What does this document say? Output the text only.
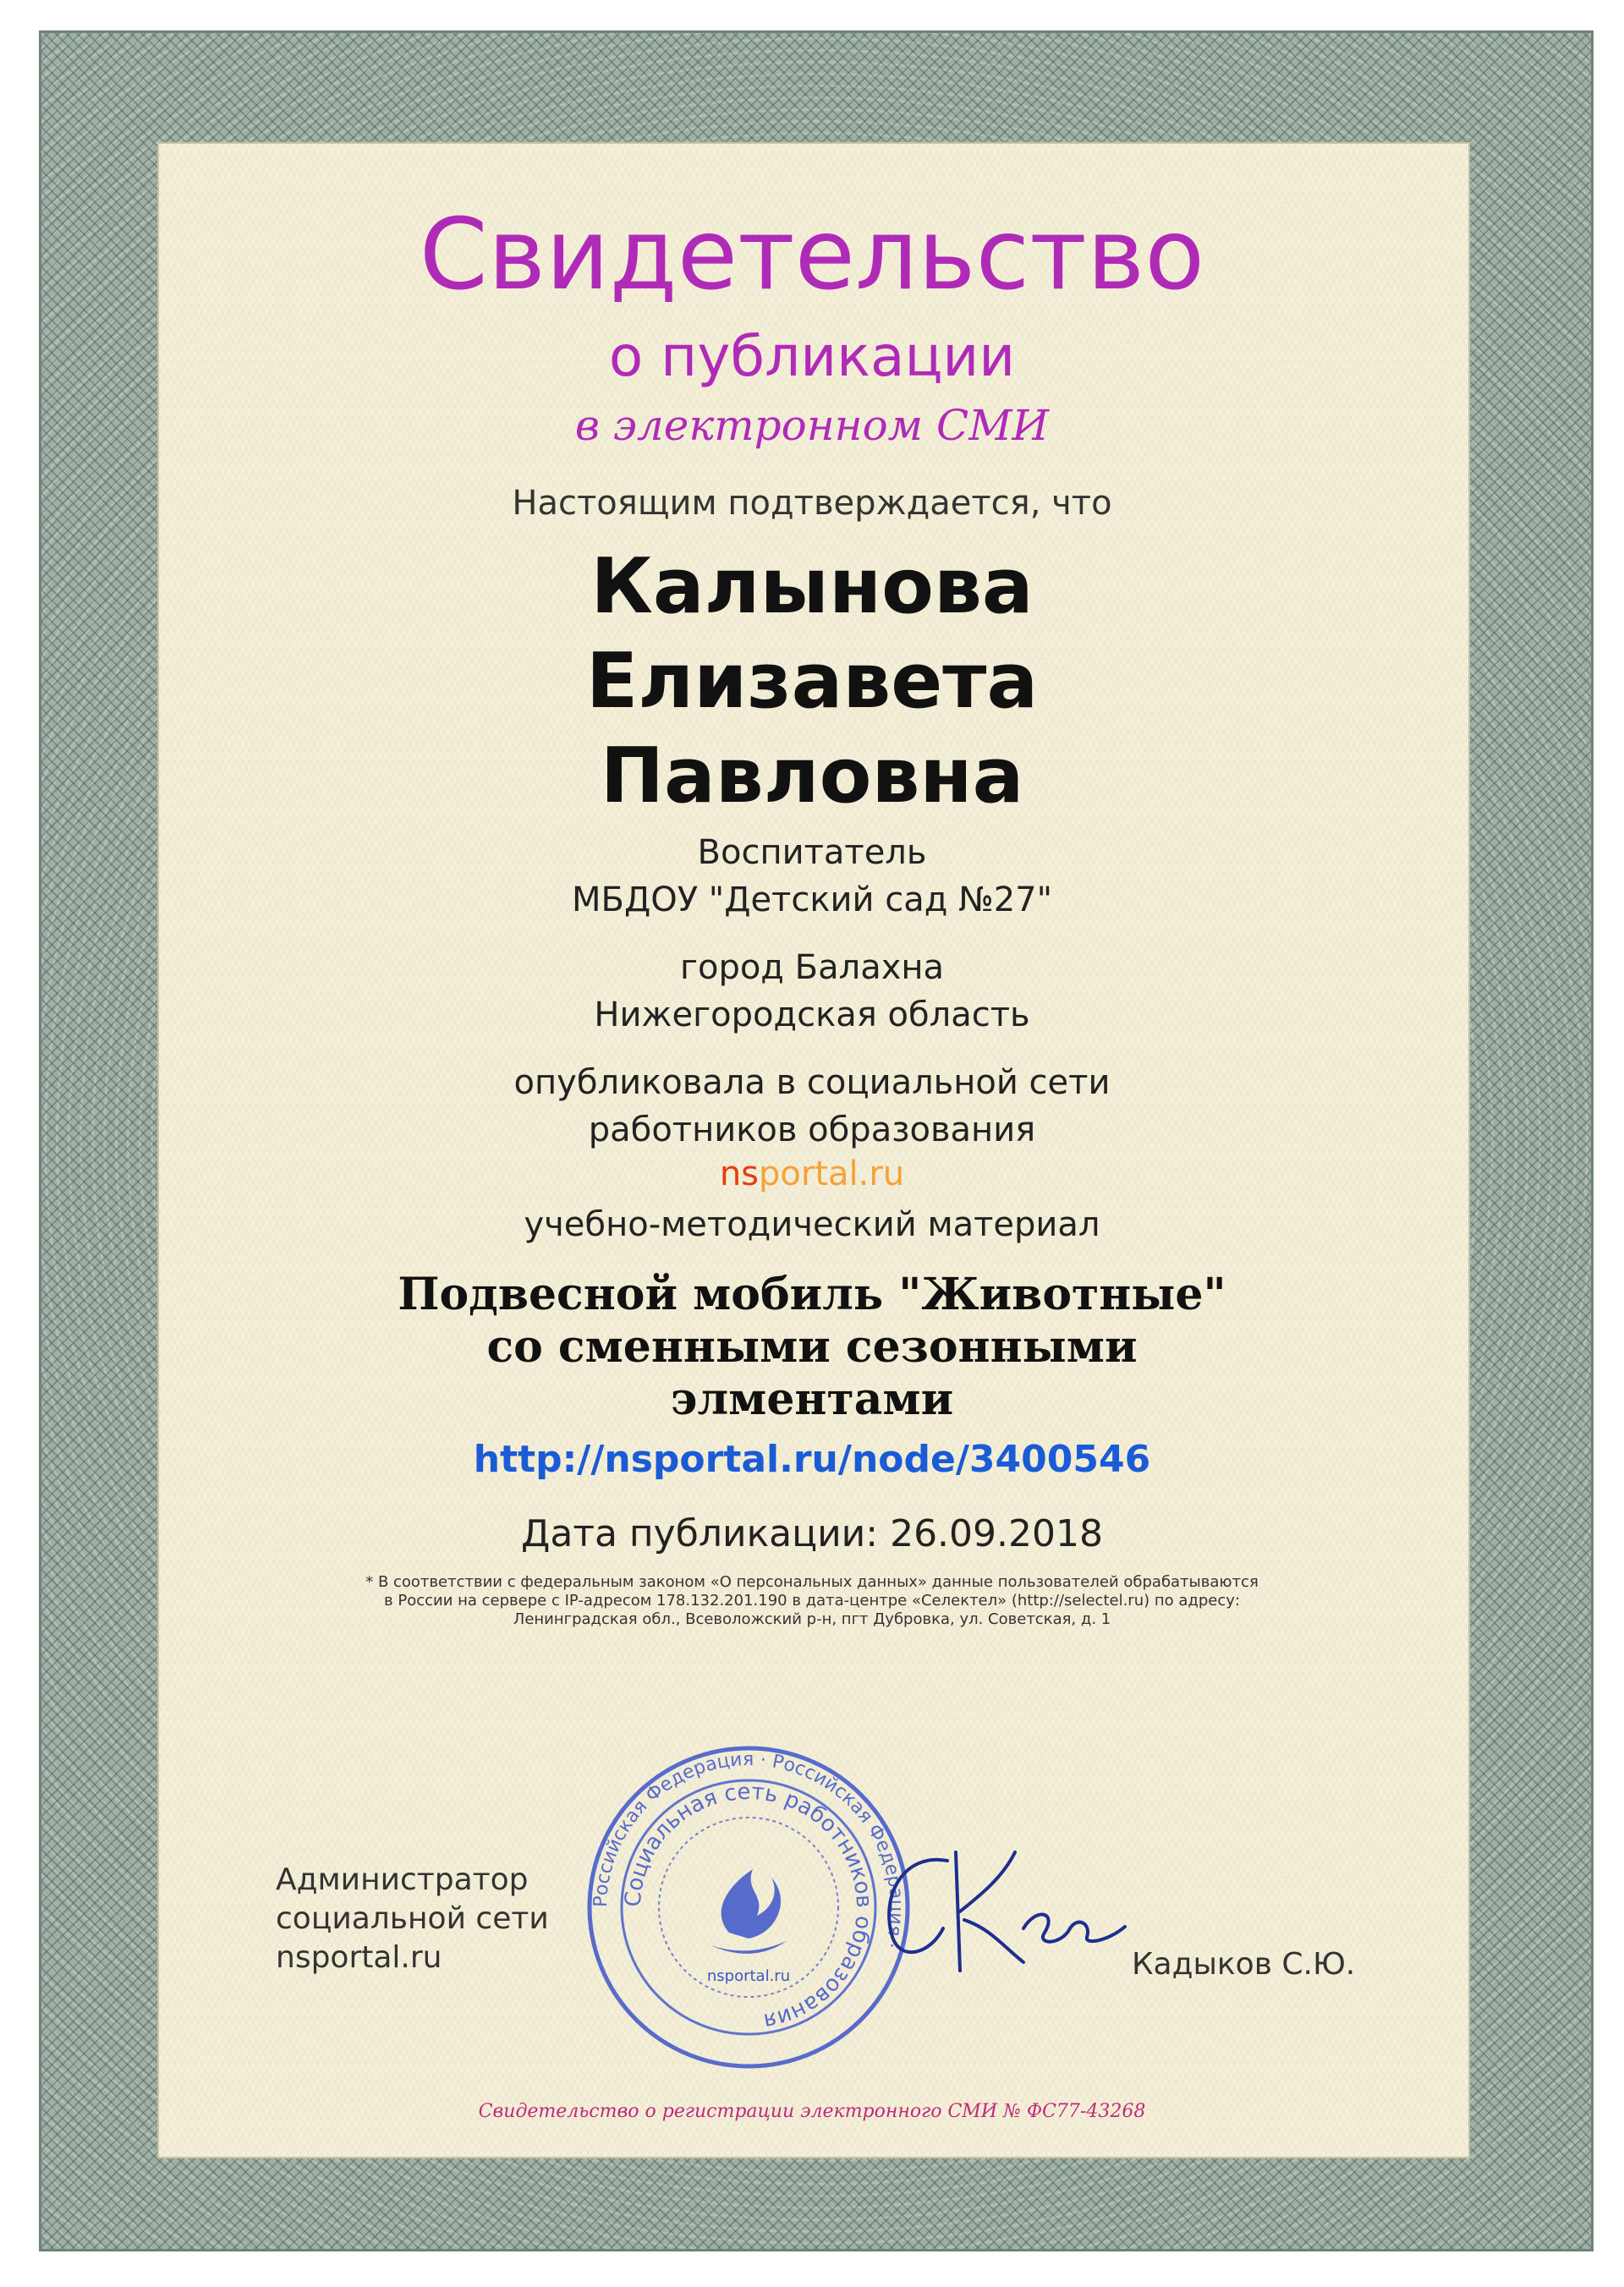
Свидетельство
о публикации
в электронном СМИ
Настоящим подтверждается, что
Калынова
Елизавета
Павловна
Воспитатель
МБДОУ "Детский сад №27"
город Балахна
Нижегородская область
опубликовала в социальной сети
работников образования
nsportal.ru
учебно-методический материал
Подвесной мобиль "Животные"
со сменными сезонными
элментами
http://nsportal.ru/node/3400546
Дата публикации: 26.09.2018
* В соответствии с федеральным законом «О персональных данных» данные пользователей обрабатываются
в России на сервере с IP-адресом 178.132.201.190 в дата-центре «Селектел» (http://selectel.ru) по адресу:
Ленинградская обл., Всеволожский р-н, пгт Дубровка, ул. Советская, д. 1
Администратор
социальной сети
nsportal.ru
Российская Федерация · Российская Федерация ·
Социальная сеть работников образования
nsportal.ru	Кадыков С.Ю.
Свидетельство о регистрации электронного СМИ № ФС77-43268
